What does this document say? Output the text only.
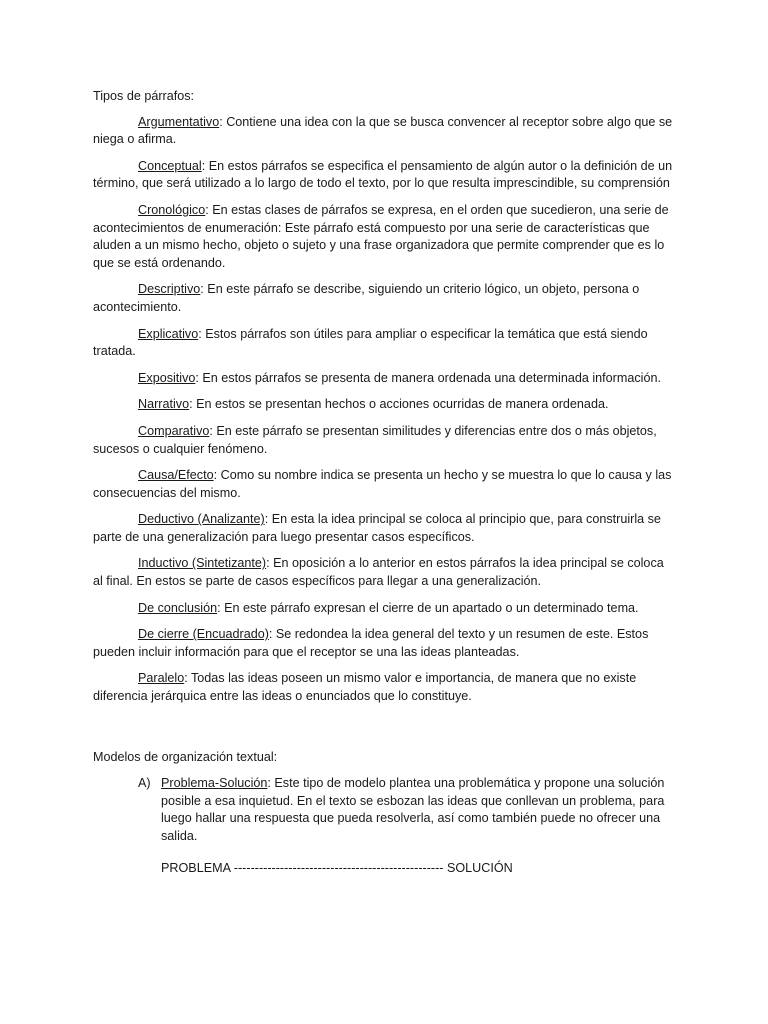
Tipos de párrafos:

Argumentativo: Contiene una idea con la que se busca convencer al receptor sobre algo que se niega o afirma.

Conceptual: En estos párrafos se especifica el pensamiento de algún autor o la definición de un término, que será utilizado a lo largo de todo el texto, por lo que resulta imprescindible, su comprensión

Cronológico: En estas clases de párrafos se expresa, en el orden que sucedieron, una serie de acontecimientos de enumeración: Este párrafo está compuesto por una serie de características que aluden a un mismo hecho, objeto o sujeto y una frase organizadora que permite comprender que es lo que se está ordenando.

Descriptivo: En este párrafo se describe, siguiendo un criterio lógico, un objeto, persona o acontecimiento.

Explicativo: Estos párrafos son útiles para ampliar o especificar la temática que está siendo tratada.

Expositivo: En estos párrafos se presenta de manera ordenada una determinada información.

Narrativo: En estos se presentan hechos o acciones ocurridas de manera ordenada.

Comparativo: En este párrafo se presentan similitudes y diferencias entre dos o más objetos, sucesos o cualquier fenómeno.

Causa/Efecto: Como su nombre indica se presenta un hecho y se muestra lo que lo causa y las consecuencias del mismo.

Deductivo (Analizante): En esta la idea principal se coloca al principio que, para construirla se parte de una generalización para luego presentar casos específicos.

Inductivo (Sintetizante): En oposición a lo anterior en estos párrafos la idea principal se coloca al final. En estos se parte de casos específicos para llegar a una generalización.

De conclusión: En este párrafo expresan el cierre de un apartado o un determinado tema.

De cierre (Encuadrado): Se redondea la idea general del texto y un resumen de este. Estos pueden incluir información para que el receptor se una las ideas planteadas.

Paralelo: Todas las ideas poseen un mismo valor e importancia, de manera que no existe diferencia jerárquica entre las ideas o enunciados que lo constituye.

Modelos de organización textual:

A) Problema-Solución: Este tipo de modelo plantea una problemática y propone una solución posible a esa inquietud. En el texto se esbozan las ideas que conllevan un problema, para luego hallar una respuesta que pueda resolverla, así como también puede no ofrecer una salida.

PROBLEMA -------------------------------------------------- SOLUCIÓN
